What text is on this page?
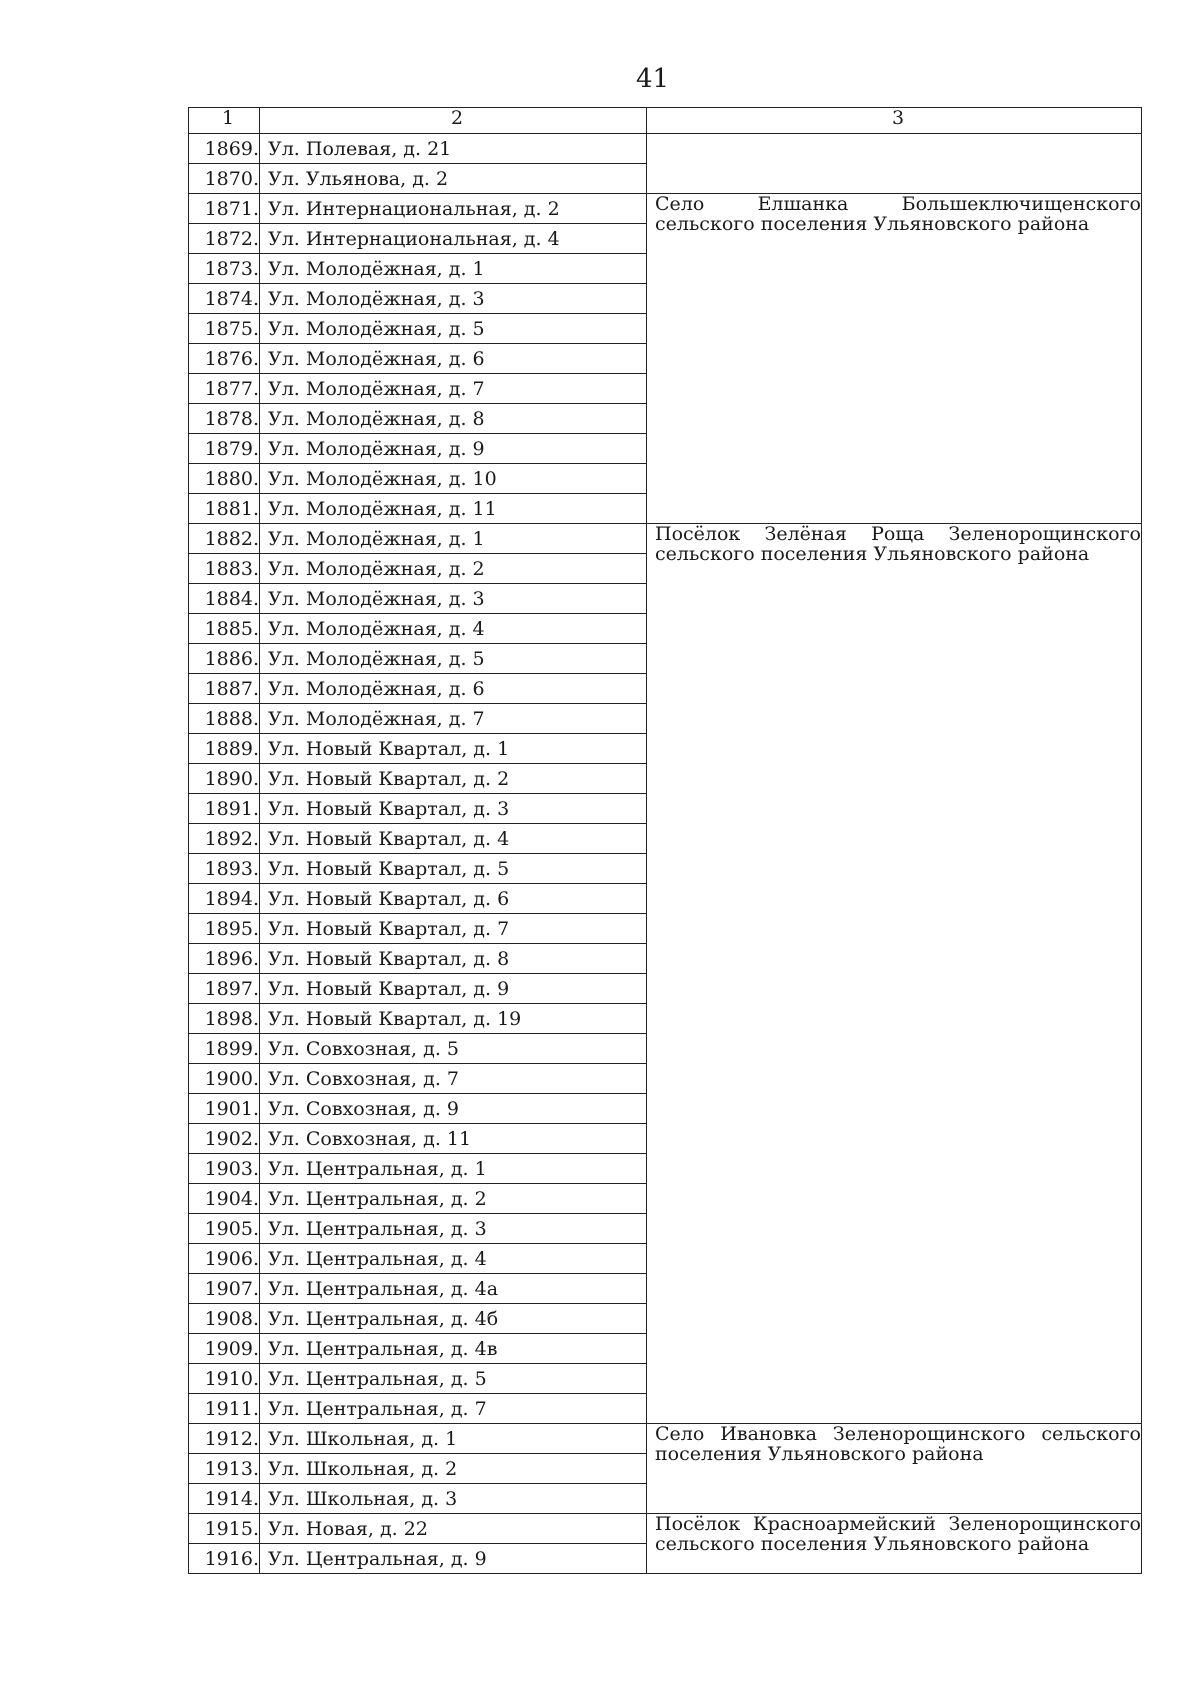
41
1	2	3
1869.	Ул. Полевая, д. 21	
1870.	Ул. Ульянова, д. 2	
1871.	Ул. Интернациональная, д. 2	Село Елшанка Большеключищенского сельского поселения Ульяновского района
1872.	Ул. Интернациональная, д. 4	
1873.	Ул. Молодёжная, д. 1	
1874.	Ул. Молодёжная, д. 3	
1875.	Ул. Молодёжная, д. 5	
1876.	Ул. Молодёжная, д. 6	
1877.	Ул. Молодёжная, д. 7	
1878.	Ул. Молодёжная, д. 8	
1879.	Ул. Молодёжная, д. 9	
1880.	Ул. Молодёжная, д. 10	
1881.	Ул. Молодёжная, д. 11	
1882.	Ул. Молодёжная, д. 1	Посёлок Зелёная Роща Зеленорощинского сельского поселения Ульяновского района
1883.	Ул. Молодёжная, д. 2	
1884.	Ул. Молодёжная, д. 3	
1885.	Ул. Молодёжная, д. 4	
1886.	Ул. Молодёжная, д. 5	
1887.	Ул. Молодёжная, д. 6	
1888.	Ул. Молодёжная, д. 7	
1889.	Ул. Новый Квартал, д. 1	
1890.	Ул. Новый Квартал, д. 2	
1891.	Ул. Новый Квартал, д. 3	
1892.	Ул. Новый Квартал, д. 4	
1893.	Ул. Новый Квартал, д. 5	
1894.	Ул. Новый Квартал, д. 6	
1895.	Ул. Новый Квартал, д. 7	
1896.	Ул. Новый Квартал, д. 8	
1897.	Ул. Новый Квартал, д. 9	
1898.	Ул. Новый Квартал, д. 19	
1899.	Ул. Совхозная, д. 5	
1900.	Ул. Совхозная, д. 7	
1901.	Ул. Совхозная, д. 9	
1902.	Ул. Совхозная, д. 11	
1903.	Ул. Центральная, д. 1	
1904.	Ул. Центральная, д. 2	
1905.	Ул. Центральная, д. 3	
1906.	Ул. Центральная, д. 4	
1907.	Ул. Центральная, д. 4а	
1908.	Ул. Центральная, д. 4б	
1909.	Ул. Центральная, д. 4в	
1910.	Ул. Центральная, д. 5	
1911.	Ул. Центральная, д. 7	
1912.	Ул. Школьная, д. 1	Село Ивановка Зеленорощинского сельского поселения Ульяновского района
1913.	Ул. Школьная, д. 2	
1914.	Ул. Школьная, д. 3	
1915.	Ул. Новая, д. 22	Посёлок Красноармейский Зеленорощинского сельского поселения Ульяновского района
1916.	Ул. Центральная, д. 9	
